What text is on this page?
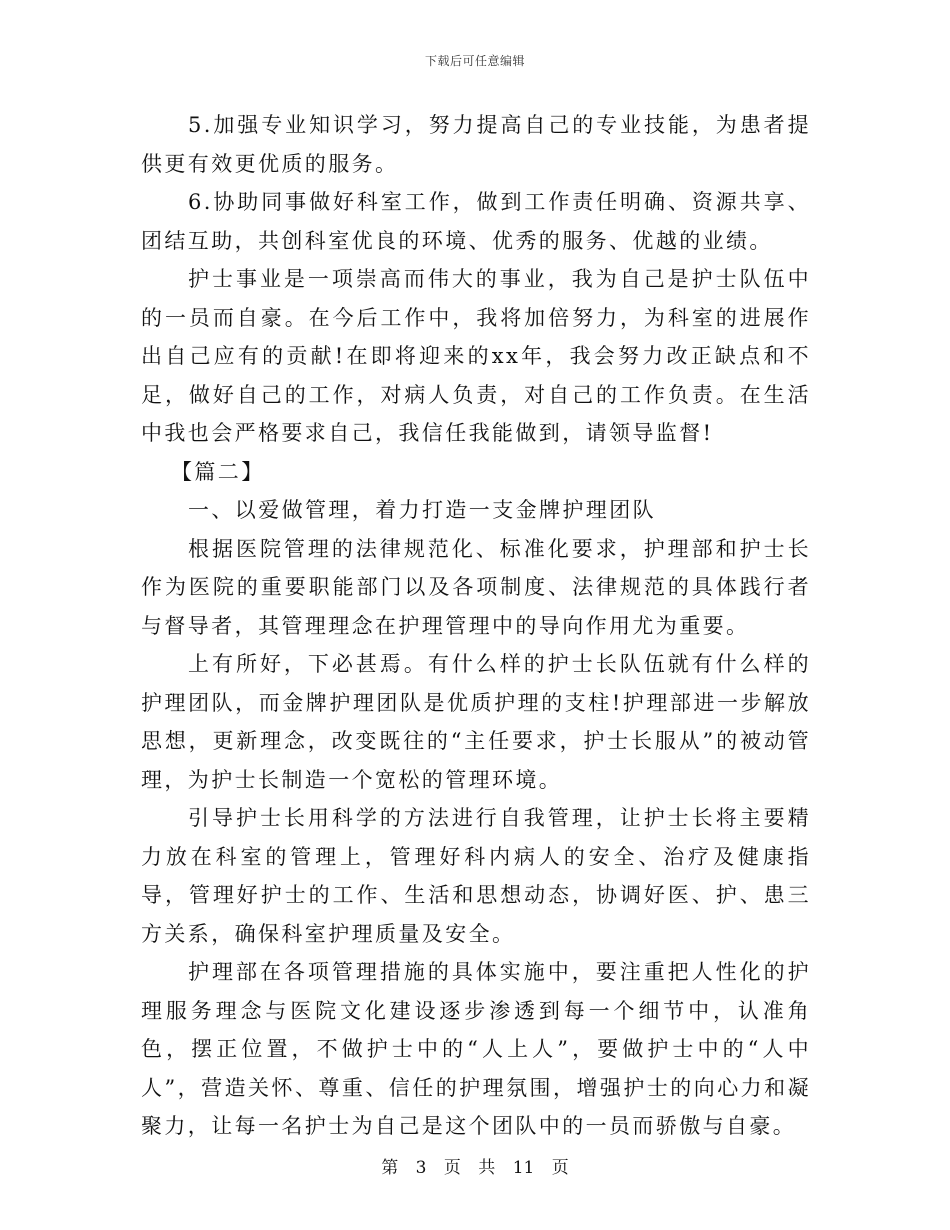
下载后可任意编辑

5.加强专业知识学习，努力提高自己的专业技能，为患者提供更有效更优质的服务。

6.协助同事做好科室工作，做到工作责任明确、资源共享、团结互助，共创科室优良的环境、优秀的服务、优越的业绩。

护士事业是一项崇高而伟大的事业，我为自己是护士队伍中的一员而自豪。在今后工作中，我将加倍努力，为科室的进展作出自己应有的贡献!在即将迎来的xx年，我会努力改正缺点和不足，做好自己的工作，对病人负责，对自己的工作负责。在生活中我也会严格要求自己，我信任我能做到，请领导监督!

【篇二】

一、以爱做管理，着力打造一支金牌护理团队

根据医院管理的法律规范化、标准化要求，护理部和护士长作为医院的重要职能部门以及各项制度、法律规范的具体践行者与督导者，其管理理念在护理管理中的导向作用尤为重要。

上有所好，下必甚焉。有什么样的护士长队伍就有什么样的护理团队，而金牌护理团队是优质护理的支柱!护理部进一步解放思想，更新理念，改变既往的“主任要求，护士长服从”的被动管理，为护士长制造一个宽松的管理环境。

引导护士长用科学的方法进行自我管理，让护士长将主要精力放在科室的管理上，管理好科内病人的安全、治疗及健康指导，管理好护士的工作、生活和思想动态，协调好医、护、患三方关系，确保科室护理质量及安全。

护理部在各项管理措施的具体实施中，要注重把人性化的护理服务理念与医院文化建设逐步渗透到每一个细节中，认准角色，摆正位置，不做护士中的“人上人”，要做护士中的“人中人”，营造关怀、尊重、信任的护理氛围，增强护士的向心力和凝聚力，让每一名护士为自己是这个团队中的一员而骄傲与自豪。

第 3 页 共 11 页
